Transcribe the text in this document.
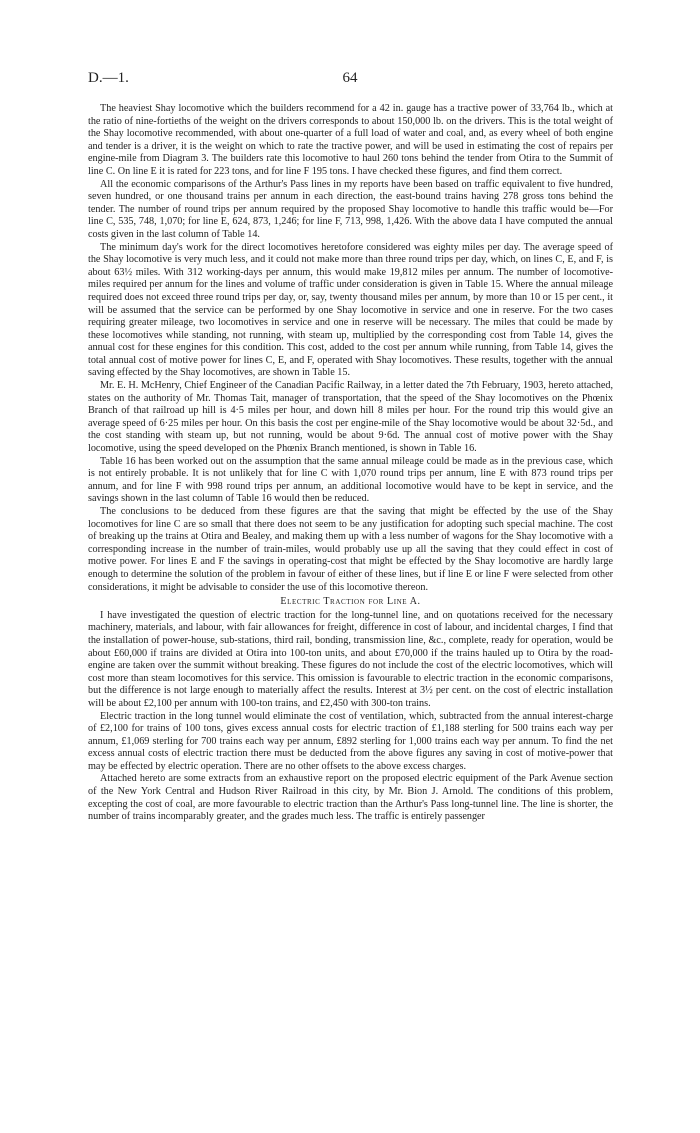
D.—1.	64

The heaviest Shay locomotive which the builders recommend for a 42 in. gauge has a tractive power of 33,764 lb., which at the ratio of nine-fortieths of the weight on the drivers corresponds to about 150,000 lb. on the drivers. This is the total weight of the Shay locomotive recommended, with about one-quarter of a full load of water and coal, and, as every wheel of both engine and tender is a driver, it is the weight on which to rate the tractive power, and will be used in estimating the cost of repairs per engine-mile from Diagram 3. The builders rate this locomotive to haul 260 tons behind the tender from Otira to the Summit of line C. On line E it is rated for 223 tons, and for line F 195 tons. I have checked these figures, and find them correct.

All the economic comparisons of the Arthur's Pass lines in my reports have been based on traffic equivalent to five hundred, seven hundred, or one thousand trains per annum in each direction, the east-bound trains having 278 gross tons behind the tender. The number of round trips per annum required by the proposed Shay locomotive to handle this traffic would be—For line C, 535, 748, 1,070; for line E, 624, 873, 1,246; for line F, 713, 998, 1,426. With the above data I have computed the annual costs given in the last column of Table 14.

The minimum day's work for the direct locomotives heretofore considered was eighty miles per day. The average speed of the Shay locomotive is very much less, and it could not make more than three round trips per day, which, on lines C, E, and F, is about 63½ miles. With 312 working-days per annum, this would make 19,812 miles per annum. The number of locomotive-miles required per annum for the lines and volume of traffic under consideration is given in Table 15. Where the annual mileage required does not exceed three round trips per day, or, say, twenty thousand miles per annum, by more than 10 or 15 per cent., it will be assumed that the service can be performed by one Shay locomotive in service and one in reserve. For the two cases requiring greater mileage, two locomotives in service and one in reserve will be necessary. The miles that could be made by these locomotives while standing, not running, with steam up, multiplied by the corresponding cost from Table 14, gives the annual cost for these engines for this condition. This cost, added to the cost per annum while running, from Table 14, gives the total annual cost of motive power for lines C, E, and F, operated with Shay locomotives. These results, together with the annual saving effected by the Shay locomotives, are shown in Table 15.

Mr. E. H. McHenry, Chief Engineer of the Canadian Pacific Railway, in a letter dated the 7th February, 1903, hereto attached, states on the authority of Mr. Thomas Tait, manager of transportation, that the speed of the Shay locomotives on the Phœnix Branch of that railroad up hill is 4·5 miles per hour, and down hill 8 miles per hour. For the round trip this would give an average speed of 6·25 miles per hour. On this basis the cost per engine-mile of the Shay locomotive would be about 32·5d., and the cost standing with steam up, but not running, would be about 9·6d. The annual cost of motive power with the Shay locomotive, using the speed developed on the Phœnix Branch mentioned, is shown in Table 16.

Table 16 has been worked out on the assumption that the same annual mileage could be made as in the previous case, which is not entirely probable. It is not unlikely that for line C with 1,070 round trips per annum, line E with 873 round trips per annum, and for line F with 998 round trips per annum, an additional locomotive would have to be kept in service, and the savings shown in the last column of Table 16 would then be reduced.

The conclusions to be deduced from these figures are that the saving that might be effected by the use of the Shay locomotives for line C are so small that there does not seem to be any justification for adopting such special machine. The cost of breaking up the trains at Otira and Bealey, and making them up with a less number of wagons for the Shay locomotive with a corresponding increase in the number of train-miles, would probably use up all the saving that they could effect in cost of motive power. For lines E and F the savings in operating-cost that might be effected by the Shay locomotive are hardly large enough to determine the solution of the problem in favour of either of these lines, but if line E or line F were selected from other considerations, it might be advisable to consider the use of this locomotive thereon.

Electric Traction for Line A.

I have investigated the question of electric traction for the long-tunnel line, and on quotations received for the necessary machinery, materials, and labour, with fair allowances for freight, difference in cost of labour, and incidental charges, I find that the installation of power-house, sub-stations, third rail, bonding, transmission line, &c., complete, ready for operation, would be about £60,000 if trains are divided at Otira into 100-ton units, and about £70,000 if the trains hauled up to Otira by the road-engine are taken over the summit without breaking. These figures do not include the cost of the electric locomotives, which will cost more than steam locomotives for this service. This omission is favourable to electric traction in the economic comparisons, but the difference is not large enough to materially affect the results. Interest at 3½ per cent. on the cost of electric installation will be about £2,100 per annum with 100-ton trains, and £2,450 with 300-ton trains.

Electric traction in the long tunnel would eliminate the cost of ventilation, which, subtracted from the annual interest-charge of £2,100 for trains of 100 tons, gives excess annual costs for electric traction of £1,188 sterling for 500 trains each way per annum, £1,069 sterling for 700 trains each way per annum, £892 sterling for 1,000 trains each way per annum. To find the net excess annual costs of electric traction there must be deducted from the above figures any saving in cost of motive-power that may be effected by electric operation. There are no other offsets to the above excess charges.

Attached hereto are some extracts from an exhaustive report on the proposed electric equipment of the Park Avenue section of the New York Central and Hudson River Railroad in this city, by Mr. Bion J. Arnold. The conditions of this problem, excepting the cost of coal, are more favourable to electric traction than the Arthur's Pass long-tunnel line. The line is shorter, the number of trains incomparably greater, and the grades much less. The traffic is entirely passenger
